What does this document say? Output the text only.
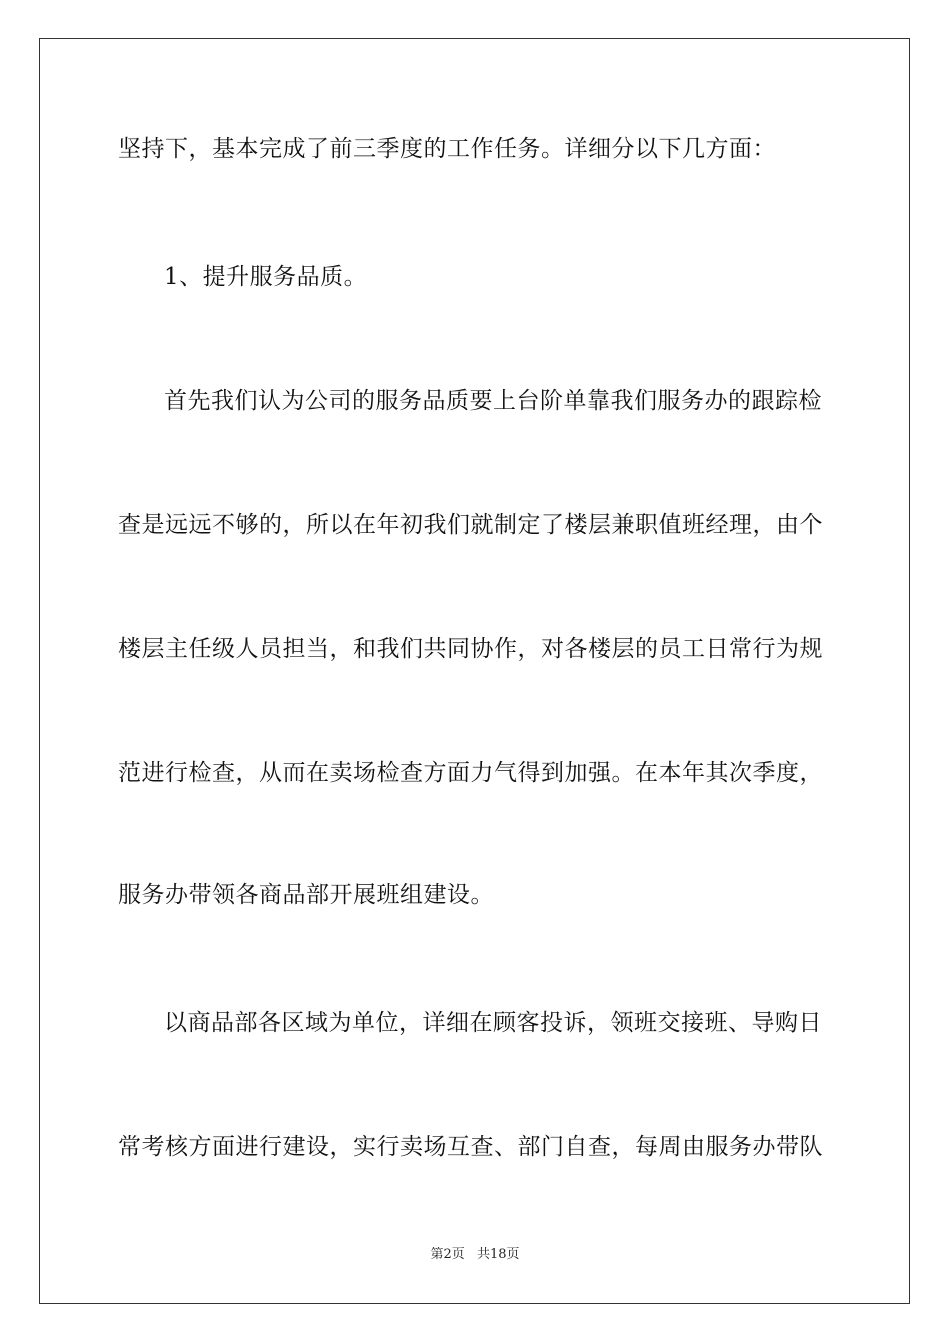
坚持下，基本完成了前三季度的工作任务。详细分以下几方面：
1、提升服务品质。
首先我们认为公司的服务品质要上台阶单靠我们服务办的跟踪检
查是远远不够的，所以在年初我们就制定了楼层兼职值班经理，由个
楼层主任级人员担当，和我们共同协作，对各楼层的员工日常行为规
范进行检查，从而在卖场检查方面力气得到加强。在本年其次季度，
服务办带领各商品部开展班组建设。
以商品部各区域为单位，详细在顾客投诉，领班交接班、导购日
常考核方面进行建设，实行卖场互查、部门自查，每周由服务办带队
第2页 共18页
